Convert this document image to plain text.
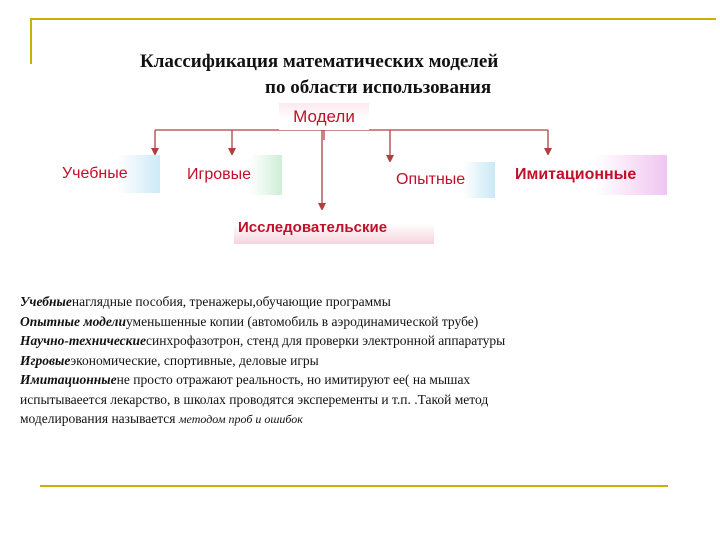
Классификация математических моделей
по области использования
Модели
Учебные	Игровые	Опытные	Имитационные
Исследовательские
Учебныенаглядные пособия, тренажеры,обучающие программы
Опытные моделиуменьшенные копии (автомобиль в аэродинамической трубе)
Научно-техническиесинхрофазотрон, стенд для проверки электронной аппаратуры
Игровыеэкономические, спортивные, деловые игры
Имитационныене просто отражают реальность, но имитируют ее( на мышах
испытываеется лекарство, в школах проводятся эксперементы и т.п. .Такой метод
моделирования называется методом проб и ошибок
